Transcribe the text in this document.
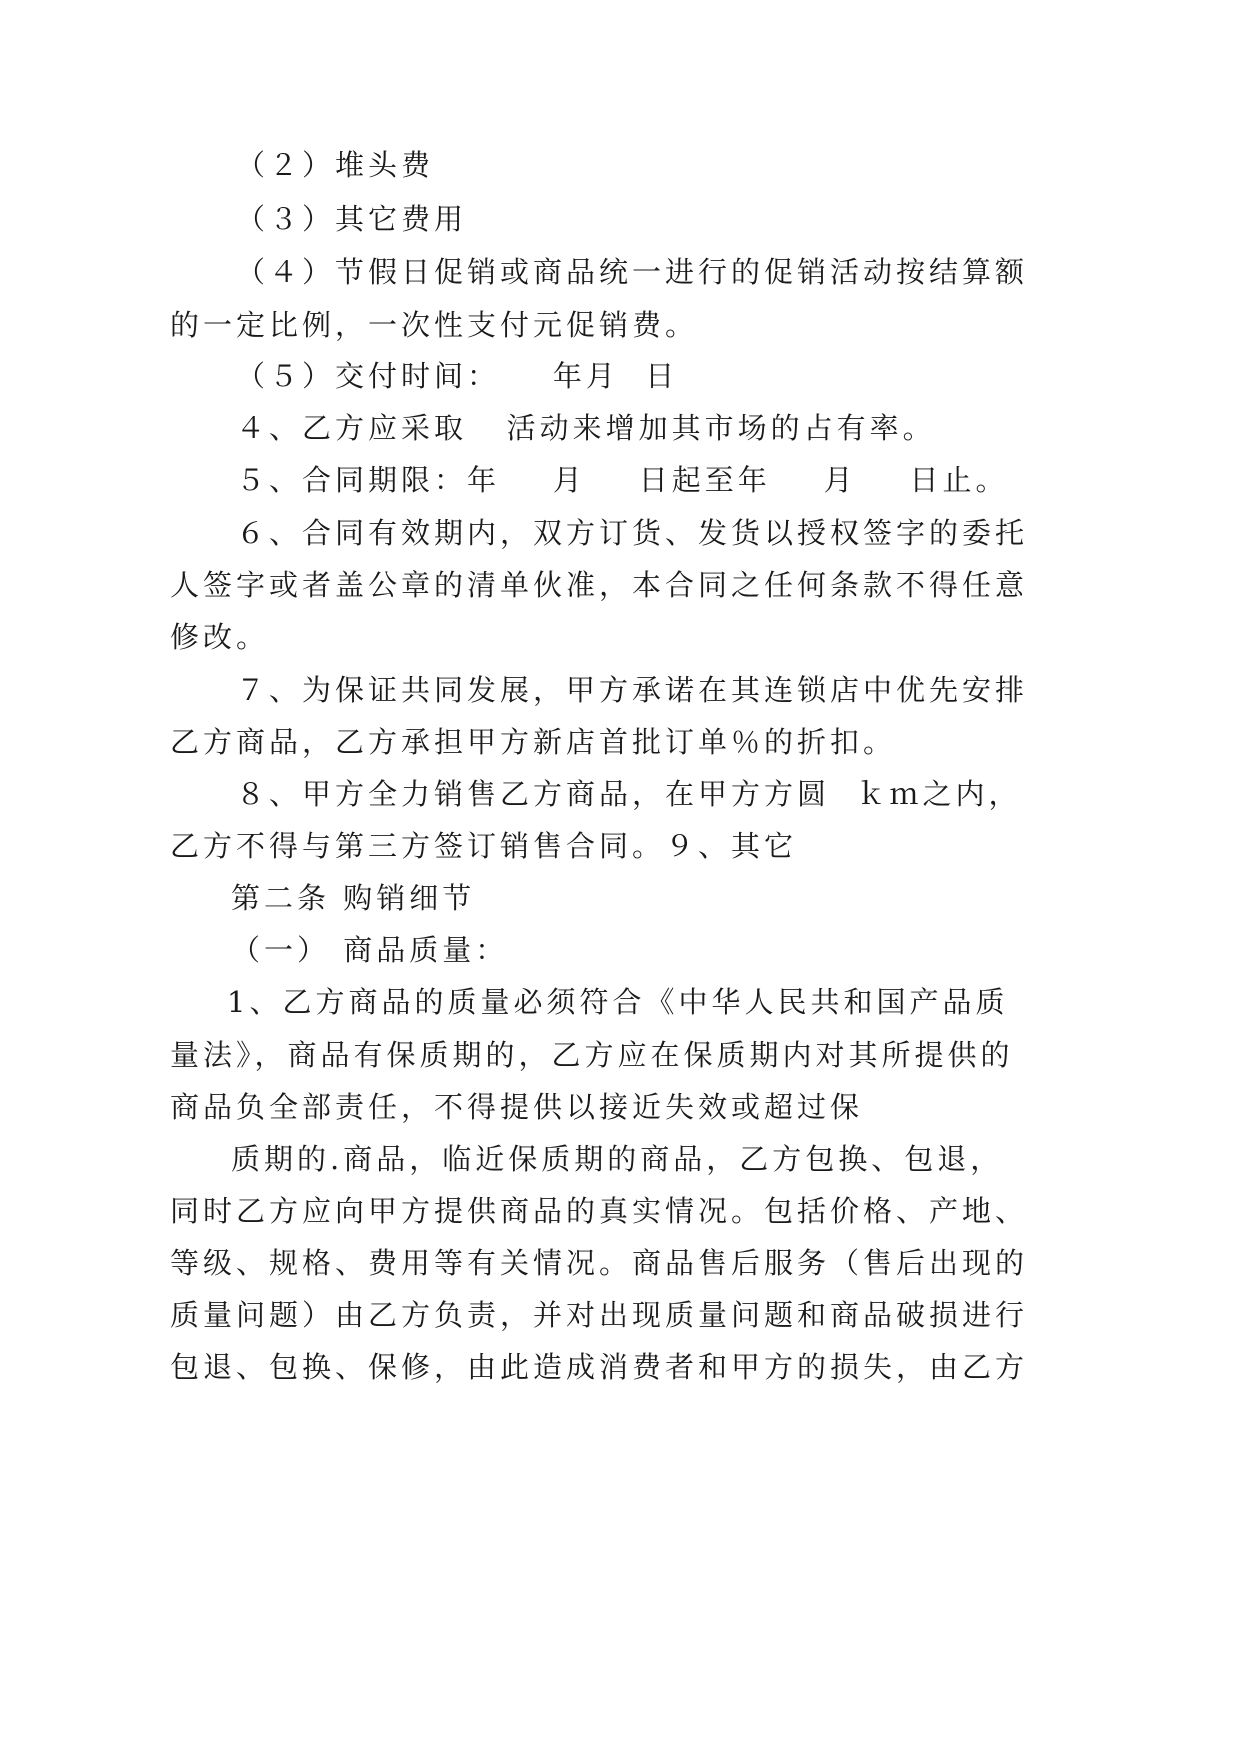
（２）堆头费

（３）其它费用

（４）节假日促销或商品统一进行的促销活动按结算额

的一定比例，一次性支付元促销费。

（５）交付时间：    年月  日

４、乙方应采取   活动来增加其市场的占有率。

５、合同期限：年    月    日起至年    月    日止。

６、合同有效期内，双方订货、发货以授权签字的委托

人签字或者盖公章的清单伙准，本合同之任何条款不得任意

修改。

７、为保证共同发展，甲方承诺在其连锁店中优先安排

乙方商品，乙方承担甲方新店首批订单％的折扣。

８、甲方全力销售乙方商品，在甲方方圆  ｋｍ之内，

乙方不得与第三方签订销售合同。９、其它

第二条 购销细节

（一） 商品质量：

1、乙方商品的质量必须符合《中华人民共和国产品质

量法》，商品有保质期的，乙方应在保质期内对其所提供的

商品负全部责任，不得提供以接近失效或超过保

质期的.商品，临近保质期的商品，乙方包换、包退，

同时乙方应向甲方提供商品的真实情况。包括价格、产地、

等级、规格、费用等有关情况。商品售后服务（售后出现的

质量问题）由乙方负责，并对出现质量问题和商品破损进行

包退、包换、保修，由此造成消费者和甲方的损失，由乙方
